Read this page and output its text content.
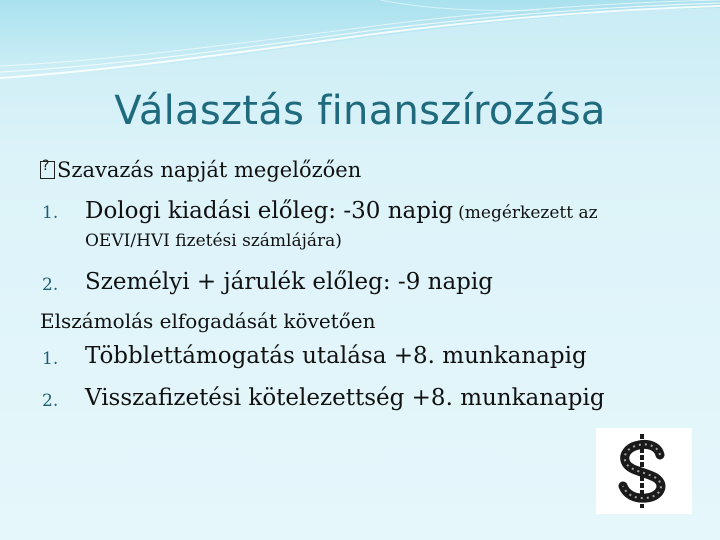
Választás finanszírozása
?Szavazás napját megelőzően
1. Dologi kiadási előleg: -30 napig (megérkezett az
OEVI/HVI fizetési számlájára)
2. Személyi + járulék előleg: -9 napig
Elszámolás elfogadását követően
1. Többlettámogatás utalása +8. munkanapig
2. Visszafizetési kötelezettség +8. munkanapig
